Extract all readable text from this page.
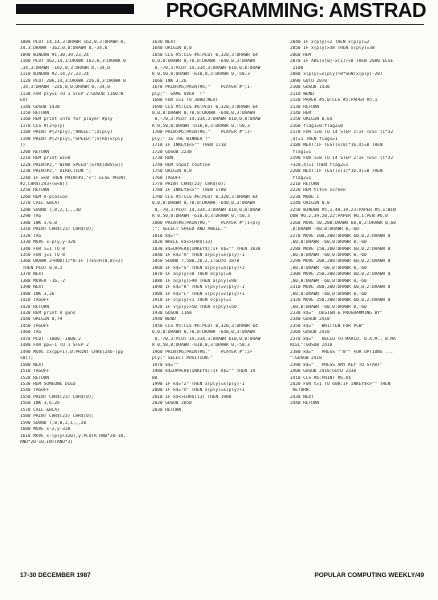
PROGRAMMING: AMSTRAD
1080 PLOT 14,14,3:DRAWR 162,0,3:DRAWR 0,
34,3:DRAWR -162,0,0:DRAWR 0,-34,0
1090 WINDOW #1,30,39,23,24
1100 PLOT 462,14,3:DRAWR 162,0,3:DRAWR 0
,34,3:DRAWR -162,0,3:DRAWR 0,-34,0
1110 WINDOW #2,14,27,23,24
1120 PLOT 206,14,3:DRAWR 226,0,3:DRAWR 0
,34,3:DRAWR -226,0,0:DRAWR 0,-34,0
1130 FOR ply=1 TO 1 STEP 2:GOSUB 1160:N
EXT
1140 GOSUB 1430
1150 RETURN
1160 REM print info for player #ply
1170 CLS #(2+ply)
1180 PRINT #(2+ply),"ANGLE:";a(ply)
1190 PRINT #(2+ply),"SPEED:";STR$(v(ply
))
1200 RETURN
1210 REM print wind
1220 PRINT#2," WIND SPEED";STR$(ABS(w))
1230 PRINT#2," DIRECTION ";
1240 IF w<0 THEN PRINT#2,"<": ELSE PRINT
#2,CHR$(243+(w<0))
1250 RETURN
1260 REM k-plosion
1270 CALL &BCA7
1280 SOUND 7,0,2,1,,,30
1290 TAG
1300 INK 3,6,0
1310 PRINT CHR$(23) CHR$(0);
1320 TAG
1330 MOVE x-ply,y-320
1340 FOR i=1 TO 8
1350 FOR j=1 TO 8
1360 DRAWR 2+RND(1)*8:IF (TESTR(0,0)>2)
THEN PLOT 0,0,2
1370 NEXT
1380 MOVER -16,-2
1390 NEXT
1400 INK 3,26
1410 TAGOFF
1420 RETURN
1430 REM print d guns
1440 ORIGIN 0,79
1450 TAGOFF
1460 TAG
1470 PLOT -1000,-1000,2
1480 FOR pp=-1 TO 1 STEP 2
1490 MOVE cx(pp+1),0:PRINT CHR$(246-(pp
<0));
1500 NEXT
1510 TAGOFF
1520 RETURN
1530 REM SOMEONE DIED
1540 TAGOFF
1550 PRINT CHR$(23) CHR$(0);
1560 INK 3,6,26
1570 CALL &BCA7
1580 PRINT CHR$(23) CHR$(0);
1590 SOUND 7,0,0,2,1,,,20
1600 MOVE x-2,y-320
1610 MOVE x-(ply+320),y:PLOTR RND*20-10,
RND*20-10,INT(RND*3)
1630 NEXT
1640 ORIGIN 0,0
1650 CLS #5:CLS #6:PLOT 0,320,3:DRAWR 64
0,0,0:DRAWR 0,70,0:DRAWR -640,0,3:DRAWR
0,-70,3:PLOT 14,334,3:DRAWR 610,0,0:DRAW
R 0,50,0:DRAWR -610,0,3:DRAWR 0,-50,3
1660 INK 3,26
1670 PRINT#6;PRINT#6,"    PLAYER #";1-
ply;"  GAME OVER  !"
1680 FOR c=1 TO 3000:NEXT
1690 CLS #5:CLS #6:PLOT 0,320,3:DRAWR 64
0,0,0:DRAWR 0,70,0:DRAWR -640,0,3:DRAWR
0,-70,3:PLOT 14,334,3:DRAWR 610,0,0:DRAW
R 0,50,0:DRAWR -610,0,3:DRAWR 0,-50,3
1700 PRINT#6;PRINT#6,"    PLAYER #";2-
ply;" IS THE WINNER !"
1710 IF INKEY$<>"" THEN 1710
1720 GOSUB 2230
1730 RUN
1740 REM input routine
1750 ORIGIN 0,0
1760 TAGOFF
1770 PRINT CHR$(23) CHR$(0);
1780 IF INKEY$<>"" THEN 1780
1790 CLS #5:CLS #6:PLOT 0,320,3:DRAWR 64
0,0,0:DRAWR 0,70,0:DRAWR -640,0,3:DRAWR
0,-70,3:PLOT 14,334,3:DRAWR 610,0,0:DRAW
R 0,50,0:DRAWR -610,0,3:DRAWR 0,-50,3
1800 PRINT#6;PRINT#6,"    PLAYER #";1+ply
;": SELECT SPEED AND ANGLE."
1810 k$=""
1820 WHILE k$<>CHR$(13)
1830 k$=UPPER$(INKEY$):IF k$="" THEN 1830
1840 IF k$="A" THEN a(ply)=a(ply)-1
1850 SOUND 7,500,20,2,1:GOTO 1870
1860 IF k$="S" THEN a(ply)=a(ply)+1
1870 IF a(ply)<0 THEN a(ply)=0
1880 IF a(ply)>90 THEN a(ply)=90
1890 IF k$="K" THEN v(ply)=v(ply)-1
1900 IF k$="L" THEN v(ply)=v(ply)+1
1910 IF v(ply)<1 THEN v(ply)=1
1920 IF v(ply)>50 THEN v(ply)=50
1930 GOSUB 1160
1940 WEND
1950 CLS #5:CLS #6:PLOT 0,320,3:DRAWR 64
0,0,0:DRAWR 0,70,0:DRAWR -640,0,3:DRAWR
0,-70,3:PLOT 14,334,3:DRAWR 610,0,0:DRAW
R 0,50,0:DRAWR -610,0,3:DRAWR 0,-50,3
1960 PRINT#6;PRINT#6,"    PLAYER #";2+
ply;" SELECT POSITION."
1970 k$=""
1980 k$=UPPER$(INKEY$):IF k$="" THEN 19
80
1990 IF k$="Z" THEN x(ply)=x(ply)-1
2000 IF k$="X" THEN x(ply)=x(ply)+1
2010 IF k$<>CHR$(13) THEN 1980
2020 GOSUB 2050
2030 RETURN
2040 IF x(ply)<2 THEN x(ply)=2
2050 IF x(ply)>38 THEN x(ply)=38
2060 REM
2070 IF ABS(x(0)-x(1))<8 THEN 2080 ELSE
2100
2080 x(ply)=x(ply)+8*SGN(x(ply)-20)
2090 GOTO 2070
2100 GOSUB 1430
2110 WEND
2120 PAPER #5,0:CLS #5:PAPER #5,1
2130 RETURN
2140 REM
2150 ORIGIN 0,64
2160 flag1=0:flag2=0
2170 FOR i=0 TO 14 STEP 2:IF TEST (i*32
,4)=1 THEN flag1=1
2180 NEXT:IF TEST(x(0)*16,4)=0 THEN
flag1=1
2190 FOR i=0 TO 14 STEP 2:IF TEST (i*32
+320,4)=1 THEN flag2=1
2200 NEXT:IF TEST(x(1)*16,4)=0 THEN
flag2=1
2210 RETURN
2220 REM title screen
2230 MODE 1
2240 ORIGIN 0,0
2250 WINDOW #5,1,40,19,23:PAPER #5,1:WIN
DOW #6,2,39,20,22:PAPER #6,1:PEN #6,0
2260 MOVE 50,200:DRAWR 60,0,2:DRAWR 0,60
,0:DRAWR -60,0:DRAWR 0,-60
2270 MOVE 100,200:DRAWR 60,0,2:DRAWR 0
,60,0:DRAWR -60,0:DRAWR 0,-60
2280 MOVE 150,200:DRAWR 60,0,2:DRAWR 0
,60,0:DRAWR -60,0:DRAWR 0,-60
2290 MOVE 200,200:DRAWR 60,0,2:DRAWR 0
,60,0:DRAWR -60,0:DRAWR 0,-60
2300 MOVE 250,200:DRAWR 60,0,2:DRAWR 0
,60,0:DRAWR -60,0:DRAWR 0,-60
2310 MOVE 300,200:DRAWR 60,0,2:DRAWR 0
,60,0:DRAWR -60,0:DRAWR 0,-60
2320 MOVE 350,200:DRAWR 60,0,2:DRAWR 0
,60,0:DRAWR -60,0:DRAWR 0,-60
2330 k$="  DESIGN & PROGRAMMING BY"
2340 GOSUB 2410
2350 k$="   WRITTEN FOR PCW"
2360 GOSUB 2410
2370 k$="   HELLO TO MARIO, D.A.M., B.MA
RCEL":GOSUB 2410
2380 k$="   PRESS ""0"" FOR OPTIONS ...
":GOSUB 2410
2390 k$="   PRESS ANY KEY TO START"
2400 GOSUB 2410:GOTO 2330
2410 CLS #6:PRINT #6,k$
2420 FOR t=1 TO 600:IF INKEY$<>"" THEN
RETURN
2430 NEXT
2440 RETURN
17-30 DECEMBER 1987	POPULAR COMPUTING WEEKLY/49
